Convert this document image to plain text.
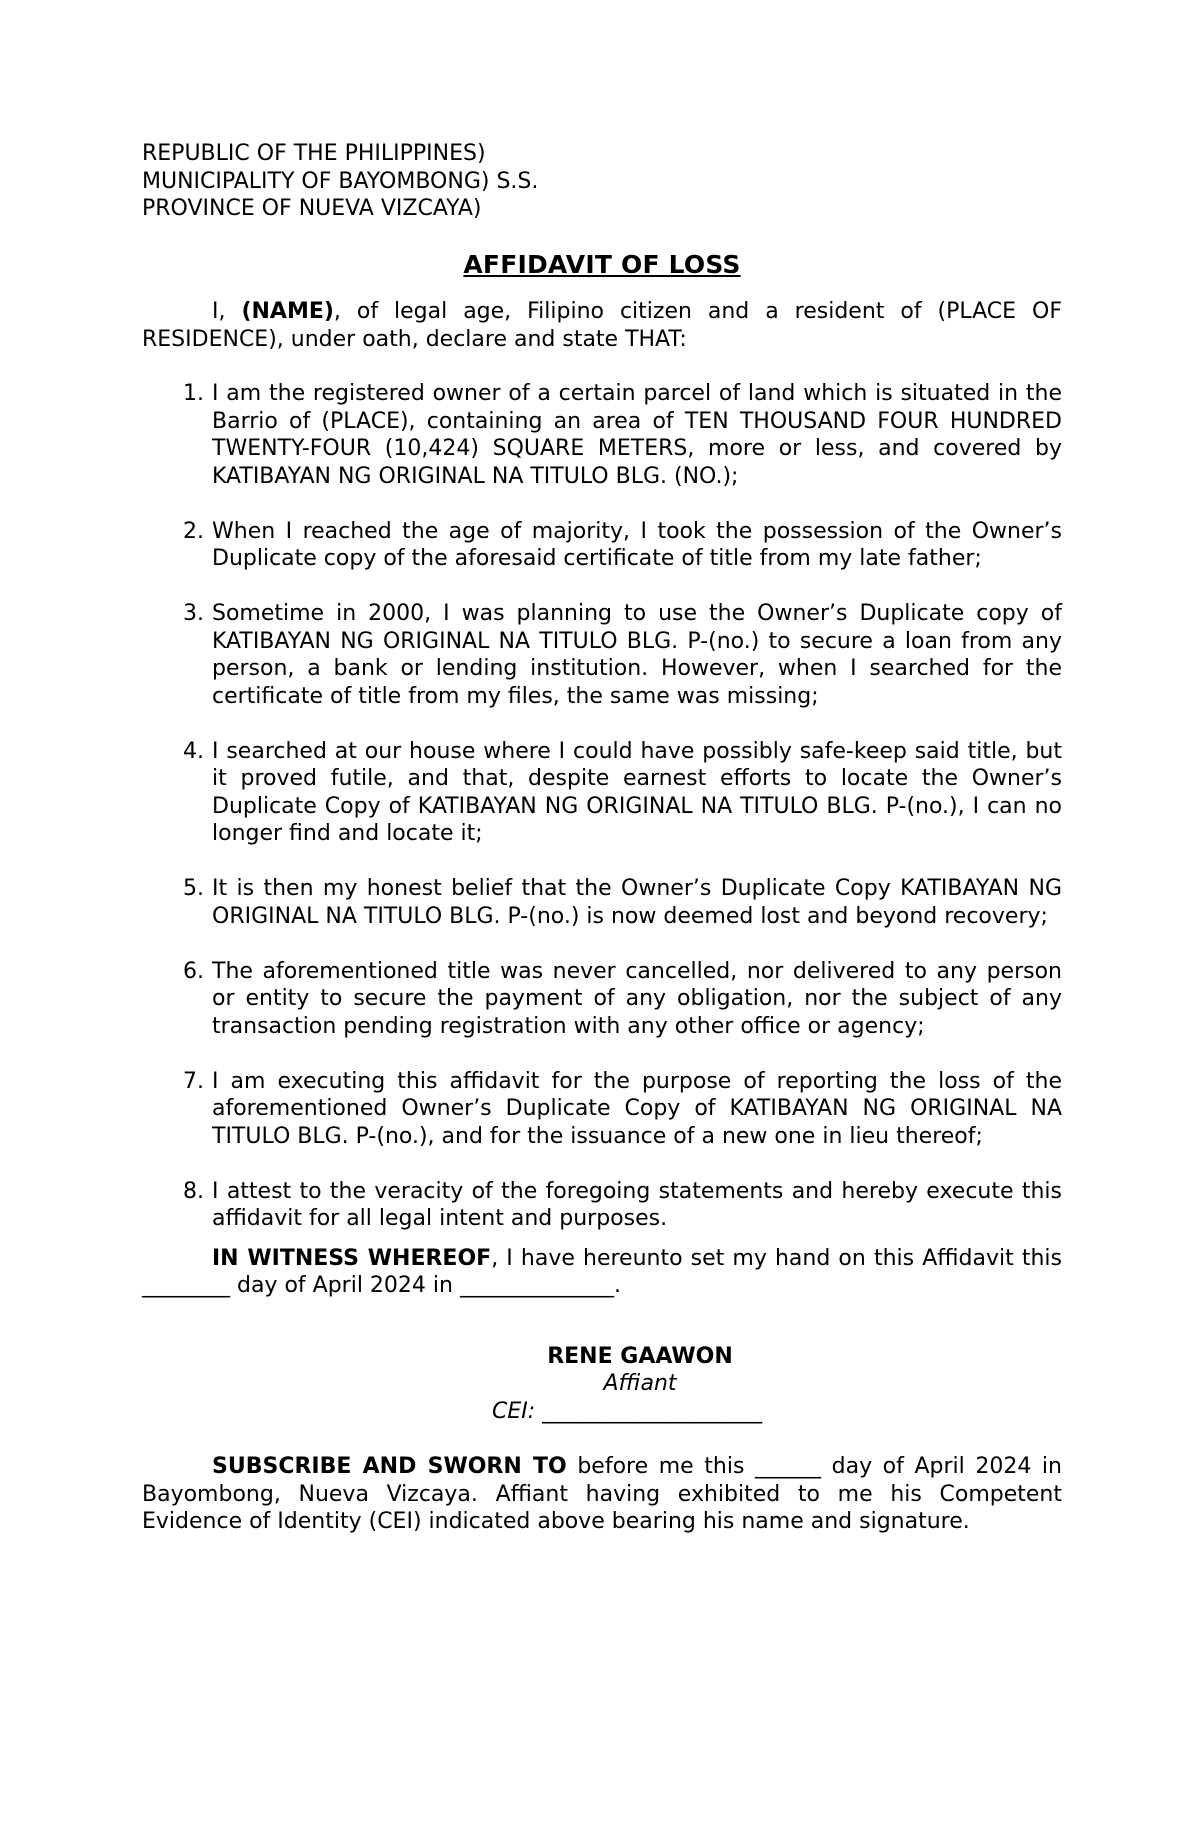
REPUBLIC OF THE PHILIPPINES)
MUNICIPALITY OF BAYOMBONG) S.S.
PROVINCE OF NUEVA VIZCAYA)
AFFIDAVIT OF LOSS

I, (NAME), of legal age, Filipino citizen and a resident of (PLACE OF RESIDENCE), under oath, declare and state THAT:

1. I am the registered owner of a certain parcel of land which is situated in the Barrio of (PLACE), containing an area of TEN THOUSAND FOUR HUNDRED TWENTY-FOUR (10,424) SQUARE METERS, more or less, and covered by KATIBAYAN NG ORIGINAL NA TITULO BLG. (NO.);
2. When I reached the age of majority, I took the possession of the Owner’s Duplicate copy of the aforesaid certificate of title from my late father;
3. Sometime in 2000, I was planning to use the Owner’s Duplicate copy of KATIBAYAN NG ORIGINAL NA TITULO BLG. P-(no.) to secure a loan from any person, a bank or lending institution. However, when I searched for the certificate of title from my files, the same was missing;
4. I searched at our house where I could have possibly safe-keep said title, but it proved futile, and that, despite earnest efforts to locate the Owner’s Duplicate Copy of KATIBAYAN NG ORIGINAL NA TITULO BLG. P-(no.), I can no longer find and locate it;
5. It is then my honest belief that the Owner’s Duplicate Copy KATIBAYAN NG ORIGINAL NA TITULO BLG. P-(no.) is now deemed lost and beyond recovery;
6. The aforementioned title was never cancelled, nor delivered to any person or entity to secure the payment of any obligation, nor the subject of any transaction pending registration with any other office or agency;
7. I am executing this affidavit for the purpose of reporting the loss of the aforementioned Owner’s Duplicate Copy of KATIBAYAN NG ORIGINAL NA TITULO BLG. P-(no.), and for the issuance of a new one in lieu thereof;
8. I attest to the veracity of the foregoing statements and hereby execute this affidavit for all legal intent and purposes.

IN WITNESS WHEREOF, I have hereunto set my hand on this Affidavit this ________ day of April 2024 in ______________.

RENE GAAWON
Affiant
CEI: ____________________

SUBSCRIBE AND SWORN TO before me this ______ day of April 2024 in Bayombong, Nueva Vizcaya. Affiant having exhibited to me his Competent Evidence of Identity (CEI) indicated above bearing his name and signature.
